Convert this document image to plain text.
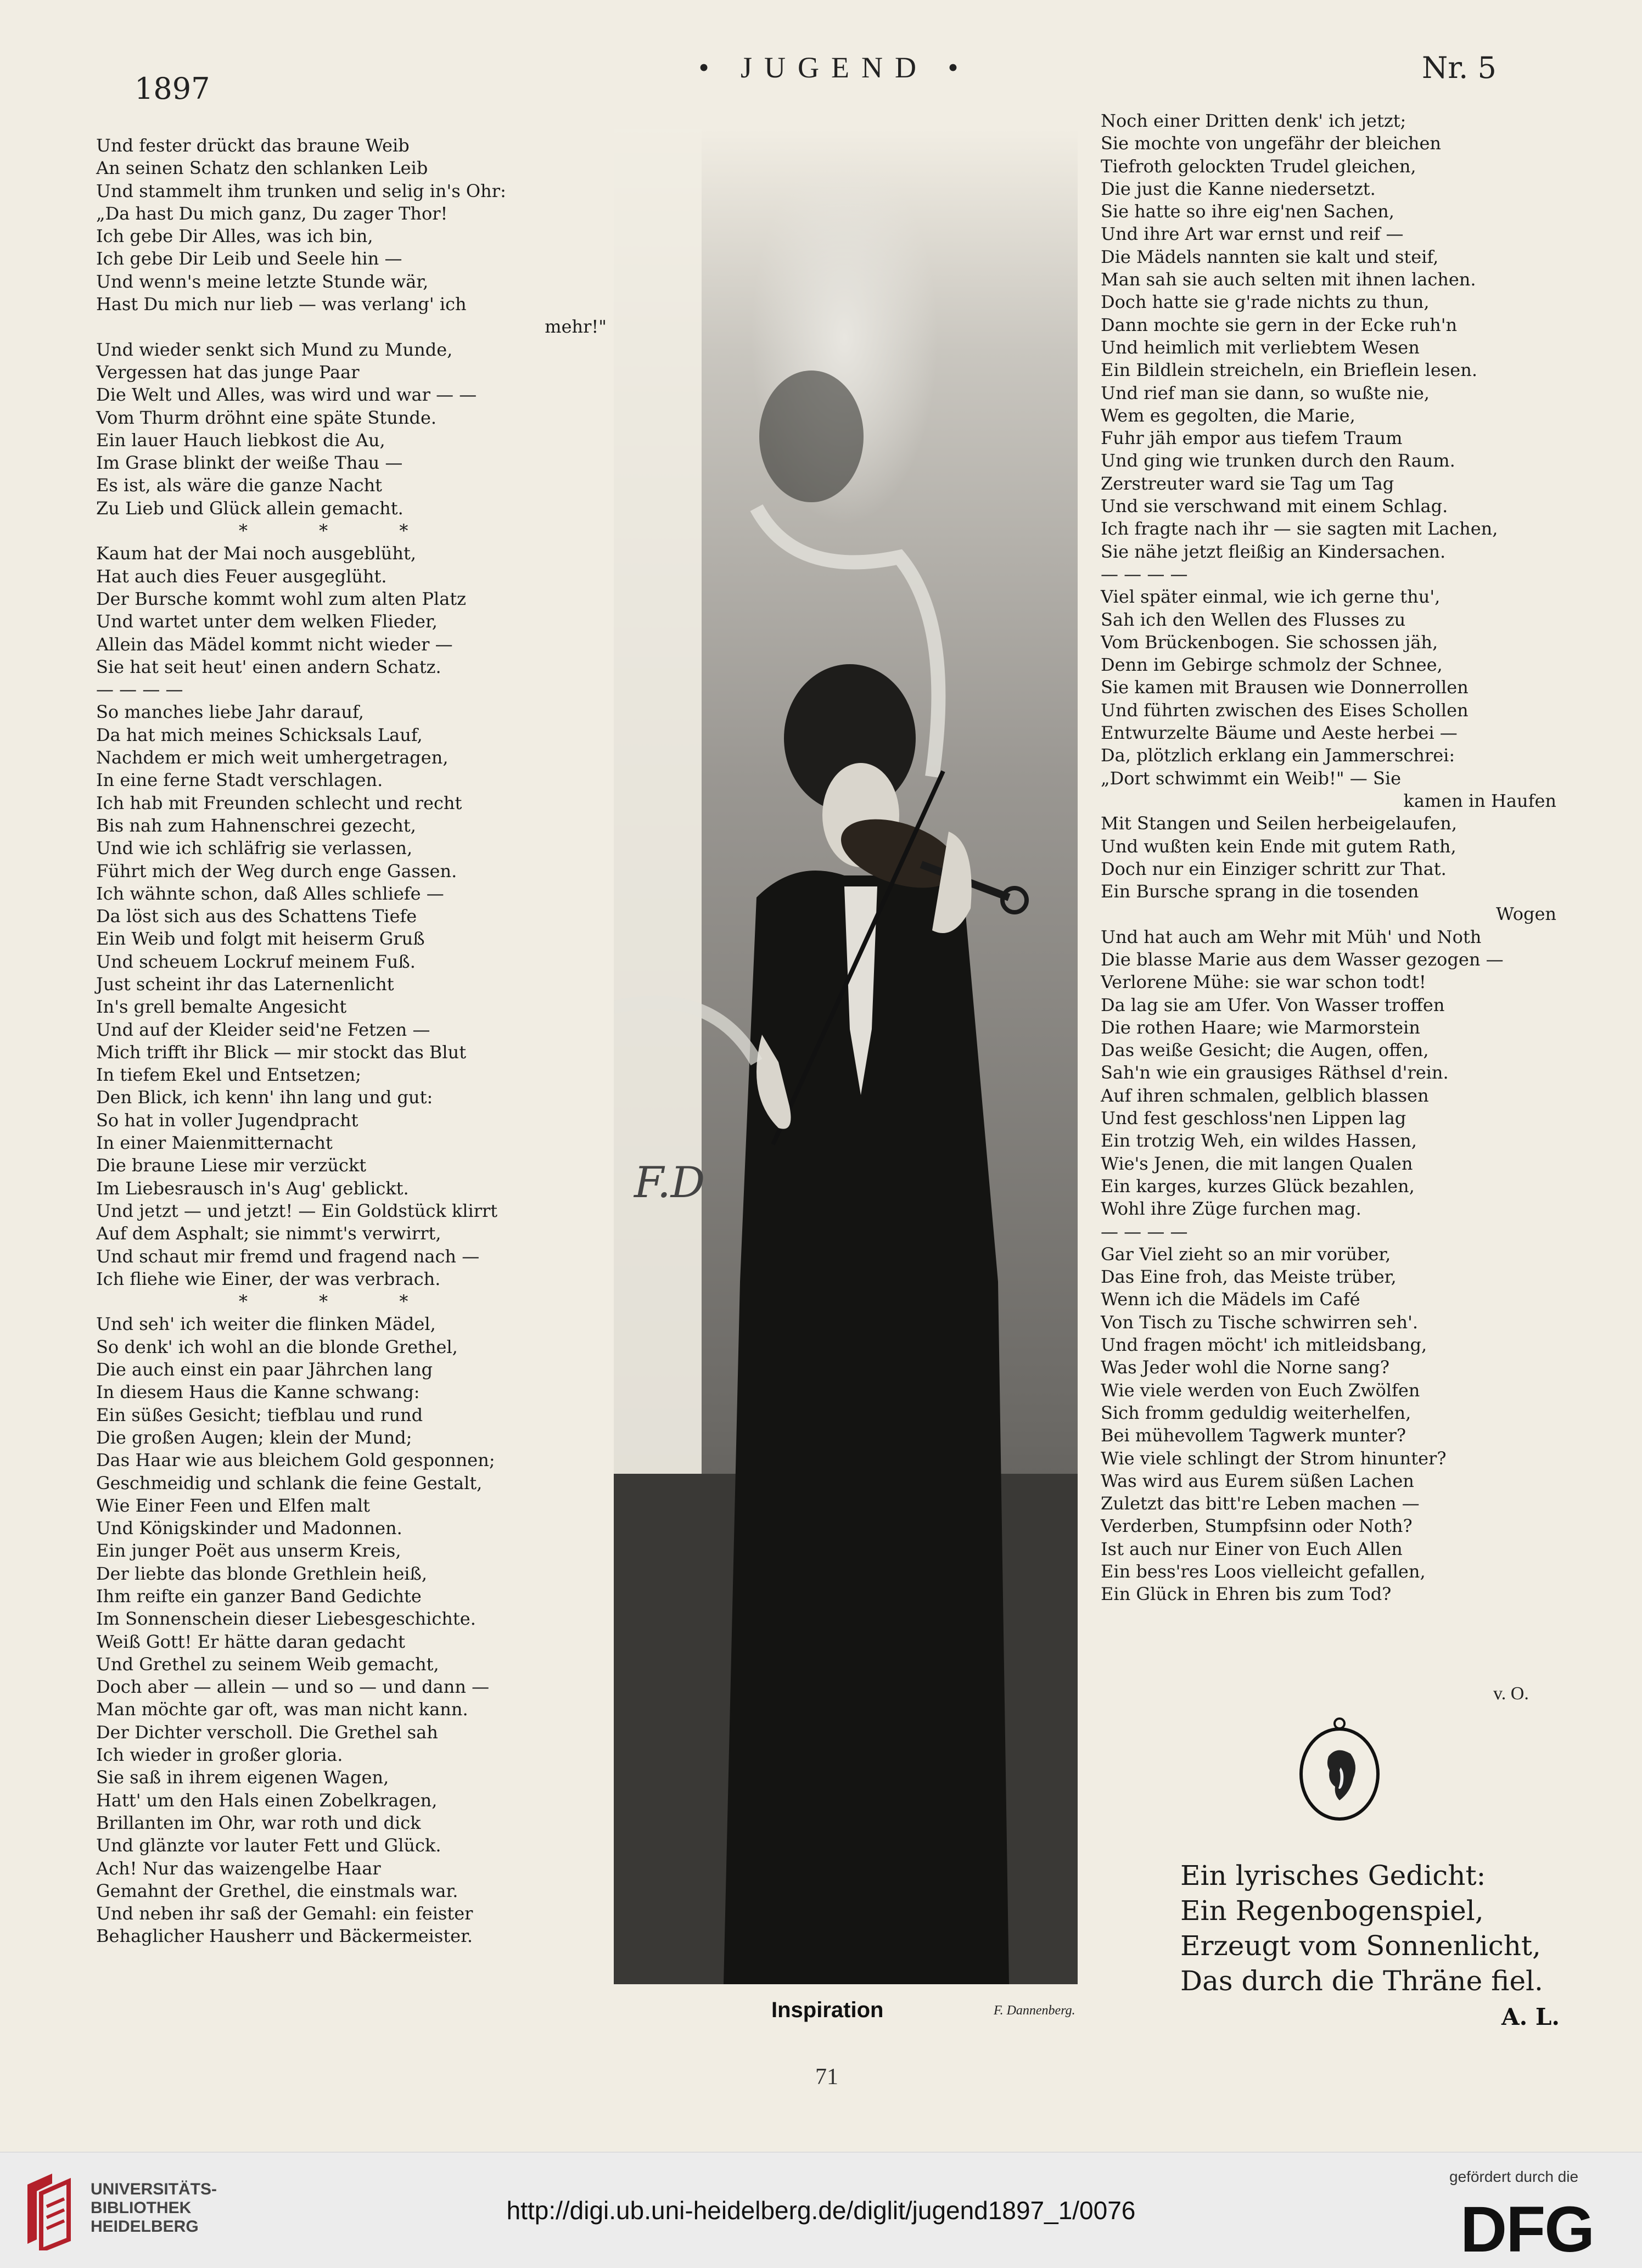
1897
• JUGEND •	Nr. 5
Und fester drückt das braune Weib
An seinen Schatz den schlanken Leib
Und stammelt ihm trunken und selig in's Ohr:
„Da hast Du mich ganz, Du zager Thor!
Ich gebe Dir Alles, was ich bin,
Ich gebe Dir Leib und Seele hin —
Und wenn's meine letzte Stunde wär,
Hast Du mich nur lieb — was verlang' ich
mehr!"
Und wieder senkt sich Mund zu Munde,
Vergessen hat das junge Paar
Die Welt und Alles, was wird und war — —
Vom Thurm dröhnt eine späte Stunde.
Ein lauer Hauch liebkost die Au,
Im Grase blinkt der weiße Thau —
Es ist, als wäre die ganze Nacht
Zu Lieb und Glück allein gemacht.
* * *
Kaum hat der Mai noch ausgeblüht,
Hat auch dies Feuer ausgeglüht.
Der Bursche kommt wohl zum alten Platz
Und wartet unter dem welken Flieder,
Allein das Mädel kommt nicht wieder —
Sie hat seit heut' einen andern Schatz.
— — — —
So manches liebe Jahr darauf,
Da hat mich meines Schicksals Lauf,
Nachdem er mich weit umhergetragen,
In eine ferne Stadt verschlagen.
Ich hab mit Freunden schlecht und recht
Bis nah zum Hahnenschrei gezecht,
Und wie ich schläfrig sie verlassen,
Führt mich der Weg durch enge Gassen.
Ich wähnte schon, daß Alles schliefe —
Da löst sich aus des Schattens Tiefe
Ein Weib und folgt mit heiserm Gruß
Und scheuem Lockruf meinem Fuß.
Just scheint ihr das Laternenlicht
In's grell bemalte Angesicht
Und auf der Kleider seid'ne Fetzen —
Mich trifft ihr Blick — mir stockt das Blut
In tiefem Ekel und Entsetzen;
Den Blick, ich kenn' ihn lang und gut:
So hat in voller Jugendpracht
In einer Maienmitternacht
Die braune Liese mir verzückt
Im Liebesrausch in's Aug' geblickt.
Und jetzt — und jetzt! — Ein Goldstück klirrt
Auf dem Asphalt; sie nimmt's verwirrt,
Und schaut mir fremd und fragend nach —
Ich fliehe wie Einer, der was verbrach.
* * *
Und seh' ich weiter die flinken Mädel,
So denk' ich wohl an die blonde Grethel,
Die auch einst ein paar Jährchen lang
In diesem Haus die Kanne schwang:
Ein süßes Gesicht; tiefblau und rund
Die großen Augen; klein der Mund;
Das Haar wie aus bleichem Gold gesponnen;
Geschmeidig und schlank die feine Gestalt,
Wie Einer Feen und Elfen malt
Und Königskinder und Madonnen.
Ein junger Poët aus unserm Kreis,
Der liebte das blonde Grethlein heiß,
Ihm reifte ein ganzer Band Gedichte
Im Sonnenschein dieser Liebesgeschichte.
Weiß Gott! Er hätte daran gedacht
Und Grethel zu seinem Weib gemacht,
Doch aber — allein — und so — und dann —
Man möchte gar oft, was man nicht kann.
Der Dichter verscholl. Die Grethel sah
Ich wieder in großer gloria.
Sie saß in ihrem eigenen Wagen,
Hatt' um den Hals einen Zobelkragen,
Brillanten im Ohr, war roth und dick
Und glänzte vor lauter Fett und Glück.
Ach! Nur das waizengelbe Haar
Gemahnt der Grethel, die einstmals war.
Und neben ihr saß der Gemahl: ein feister
Behaglicher Hausherr und Bäckermeister.
F.D
Noch einer Dritten denk' ich jetzt;
Sie mochte von ungefähr der bleichen
Tiefroth gelockten Trudel gleichen,
Die just die Kanne niedersetzt.
Sie hatte so ihre eig'nen Sachen,
Und ihre Art war ernst und reif —
Die Mädels nannten sie kalt und steif,
Man sah sie auch selten mit ihnen lachen.
Doch hatte sie g'rade nichts zu thun,
Dann mochte sie gern in der Ecke ruh'n
Und heimlich mit verliebtem Wesen
Ein Bildlein streicheln, ein Brieflein lesen.
Und rief man sie dann, so wußte nie,
Wem es gegolten, die Marie,
Fuhr jäh empor aus tiefem Traum
Und ging wie trunken durch den Raum.
Zerstreuter ward sie Tag um Tag
Und sie verschwand mit einem Schlag.
Ich fragte nach ihr — sie sagten mit Lachen,
Sie nähe jetzt fleißig an Kindersachen.
— — — —
Viel später einmal, wie ich gerne thu',
Sah ich den Wellen des Flusses zu
Vom Brückenbogen. Sie schossen jäh,
Denn im Gebirge schmolz der Schnee,
Sie kamen mit Brausen wie Donnerrollen
Und führten zwischen des Eises Schollen
Entwurzelte Bäume und Aeste herbei —
Da, plötzlich erklang ein Jammerschrei:
„Dort schwimmt ein Weib!" — Sie
kamen in Haufen
Mit Stangen und Seilen herbeigelaufen,
Und wußten kein Ende mit gutem Rath,
Doch nur ein Einziger schritt zur That.
Ein Bursche sprang in die tosenden
Wogen
Und hat auch am Wehr mit Müh' und Noth
Die blasse Marie aus dem Wasser gezogen —
Verlorene Mühe: sie war schon todt!
Da lag sie am Ufer. Von Wasser troffen
Die rothen Haare; wie Marmorstein
Das weiße Gesicht; die Augen, offen,
Sah'n wie ein grausiges Räthsel d'rein.
Auf ihren schmalen, gelblich blassen
Und fest geschloss'nen Lippen lag
Ein trotzig Weh, ein wildes Hassen,
Wie's Jenen, die mit langen Qualen
Ein karges, kurzes Glück bezahlen,
Wohl ihre Züge furchen mag.
— — — —
Gar Viel zieht so an mir vorüber,
Das Eine froh, das Meiste trüber,
Wenn ich die Mädels im Café
Von Tisch zu Tische schwirren seh'.
Und fragen möcht' ich mitleidsbang,
Was Jeder wohl die Norne sang?
Wie viele werden von Euch Zwölfen
Sich fromm geduldig weiterhelfen,
Bei mühevollem Tagwerk munter?
Wie viele schlingt der Strom hinunter?
Was wird aus Eurem süßen Lachen
Zuletzt das bitt're Leben machen —
Verderben, Stumpfsinn oder Noth?
Ist auch nur Einer von Euch Allen
Ein bess'res Loos vielleicht gefallen,
Ein Glück in Ehren bis zum Tod?
v. O.
Ein lyrisches Gedicht:
Ein Regenbogenspiel,
Erzeugt vom Sonnenlicht,
Das durch die Thräne fiel.
A. L.
Inspiration	F. Dannenberg.
71
UNIVERSITÄTS-
BIBLIOTHEK
HEIDELBERG
http://digi.ub.uni-heidelberg.de/diglit/jugend1897_1/0076
gefördert durch die
DFG
